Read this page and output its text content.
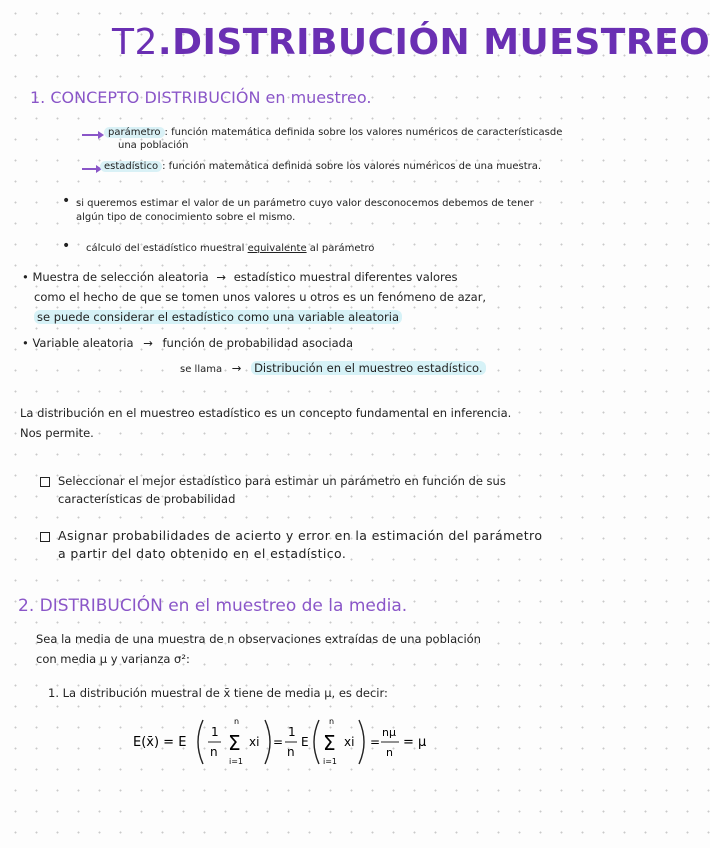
T2.DISTRIBUCIÓN MUESTREO
1. CONCEPTO DISTRIBUCIÓN en muestreo.
parámetro : función matemática definida sobre los valores numéricos de característicasde
una población
estadístico : función matemática definida sobre los valores numéricos de una muestra.
• si queremos estimar el valor de un parámetro cuyo valor desconocemos debemos de tener
algún tipo de conocimiento sobre el mismo.
• cálculo del estadístico muestral equivalente al parámetro
• Muestra de selección aleatoria → estadístico muestral diferentes valores
como el hecho de que se tomen unos valores u otros es un fenómeno de azar,
se puede considerar el estadístico como una variable aleatoria
• Variable aleatoria → función de probabilidad asociada
se llama → Distribución en el muestreo estadístico.
La distribución en el muestreo estadístico es un concepto fundamental en inferencia.
Nos permite.
Seleccionar el mejor estadístico para estimar un parámetro en función de sus
características de probabilidad
Asignar probabilidades de acierto y error en la estimación del parámetro
a partir del dato obtenido en el estadístico.
2. DISTRIBUCIÓN en el muestreo de la media.
Sea la media de una muestra de n observaciones extraídas de una población
con media μ y varianza σ²:
1. La distribución muestral de x̄ tiene de media μ, es decir:
E(x̄) = E
1
n
n
Σ
i=1
xi =
1
n
E
n
Σ
i=1
xi =
nμ
n
= μ
